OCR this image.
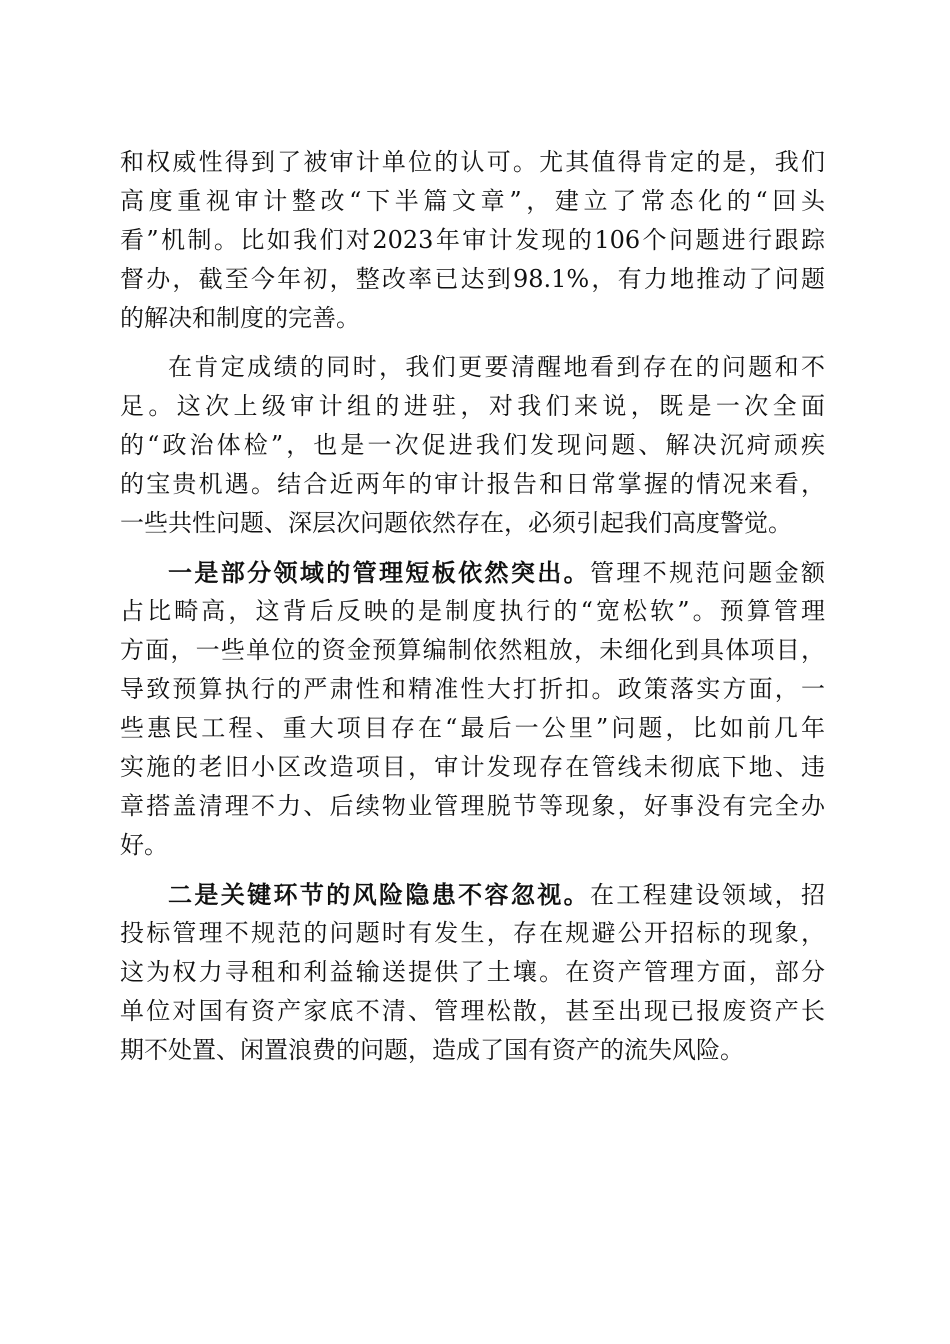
和权威性得到了被审计单位的认可。尤其值得肯定的是，我们
高度重视审计整改“下半篇文章”，建立了常态化的“回头
看”机制。比如我们对2023年审计发现的106个问题进行跟踪
督办，截至今年初，整改率已达到98.1%，有力地推动了问题
的解决和制度的完善。
在肯定成绩的同时，我们更要清醒地看到存在的问题和不
足。这次上级审计组的进驻，对我们来说，既是一次全面
的“政治体检”，也是一次促进我们发现问题、解决沉疴顽疾
的宝贵机遇。结合近两年的审计报告和日常掌握的情况来看，
一些共性问题、深层次问题依然存在，必须引起我们高度警觉。
一是部分领域的管理短板依然突出。管理不规范问题金额
占比畸高，这背后反映的是制度执行的“宽松软”。预算管理
方面，一些单位的资金预算编制依然粗放，未细化到具体项目，
导致预算执行的严肃性和精准性大打折扣。政策落实方面，一
些惠民工程、重大项目存在“最后一公里”问题，比如前几年
实施的老旧小区改造项目，审计发现存在管线未彻底下地、违
章搭盖清理不力、后续物业管理脱节等现象，好事没有完全办
好。
二是关键环节的风险隐患不容忽视。在工程建设领域，招
投标管理不规范的问题时有发生，存在规避公开招标的现象，
这为权力寻租和利益输送提供了土壤。在资产管理方面，部分
单位对国有资产家底不清、管理松散，甚至出现已报废资产长
期不处置、闲置浪费的问题，造成了国有资产的流失风险。
